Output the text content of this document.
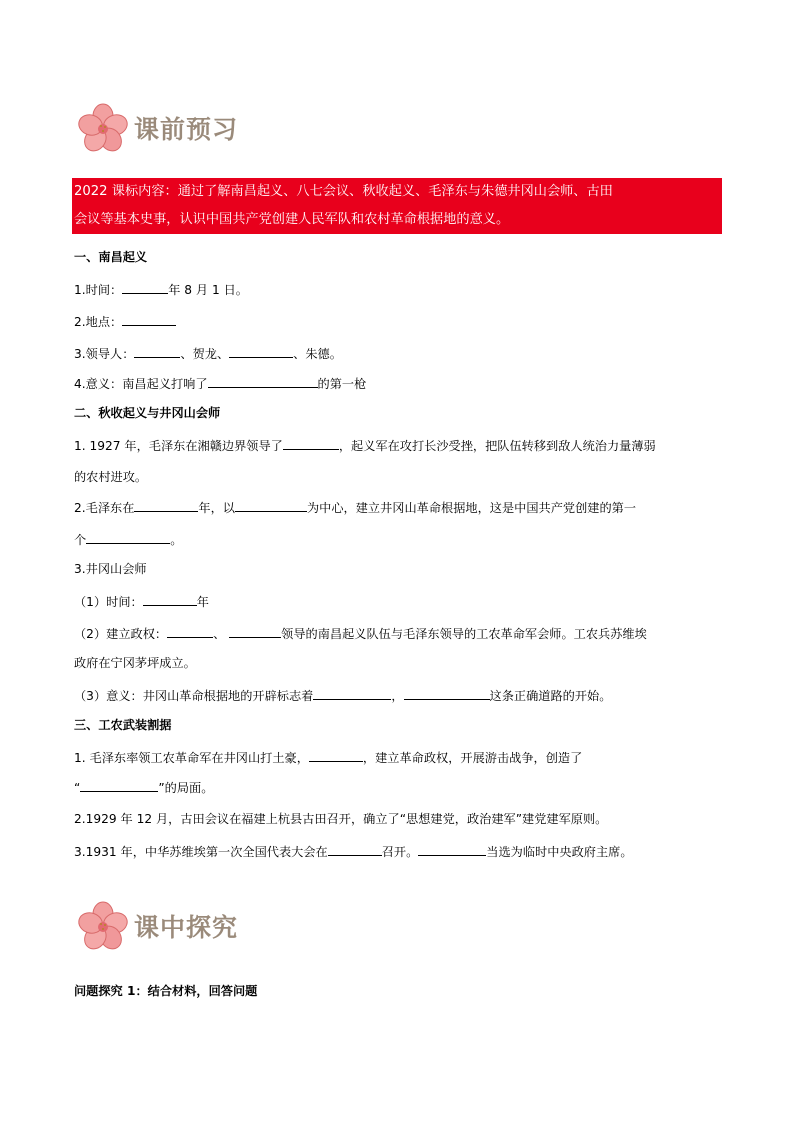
课前预习

2022 课标内容：通过了解南昌起义、八七会议、秋收起义、毛泽东与朱德井冈山会师、古田

会议等基本史事，认识中国共产党创建人民军队和农村革命根据地的意义。

一、南昌起义
1.时间：	年 8 月 1 日。
2.地点：
3.领导人：	、贺龙、	、朱德。
4.意义：南昌起义打响了	的第一枪
二、秋收起义与井冈山会师
1. 1927 年，毛泽东在湘赣边界领导了	，起义军在攻打长沙受挫，把队伍转移到敌人统治力量薄弱
的农村进攻。
2.毛泽东在	年，以	为中心，建立井冈山革命根据地，这是中国共产党创建的第一
个	。
3.井冈山会师
（1）时间：	年
（2）建立政权：	、	领导的南昌起义队伍与毛泽东领导的工农革命军会师。工农兵苏维埃
政府在宁冈茅坪成立。
（3）意义：井冈山革命根据地的开辟标志着	，	这条正确道路的开始。
三、工农武装割据
1. 毛泽东率领工农革命军在井冈山打土豪，	，建立革命政权，开展游击战争，创造了
“	”的局面。
2.1929 年 12 月，古田会议在福建上杭县古田召开，确立了“思想建党，政治建军”建党建军原则。
3.1931 年，中华苏维埃第一次全国代表大会在	召开。	当选为临时中央政府主席。
课中探究
问题探究 1：结合材料，回答问题
